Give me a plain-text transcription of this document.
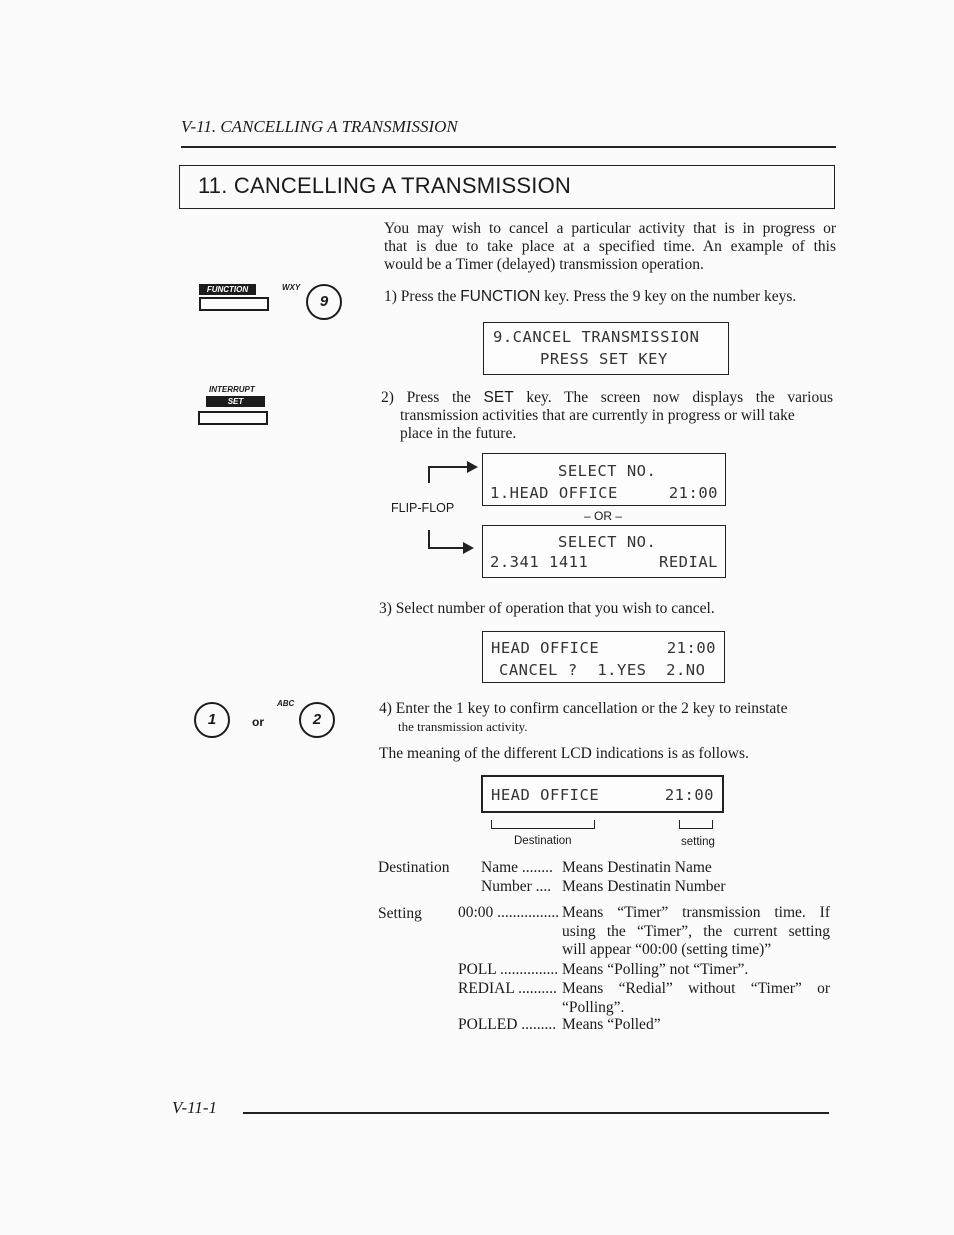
V-11. CANCELLING A TRANSMISSION
11. CANCELLING A TRANSMISSION
You may wish to cancel a particular activity that is in progress or
that is due to take place at a specified time. An example of this
would be a Timer (delayed) transmission operation.
FUNCTION	WXY
9	1) Press the FUNCTION key. Press the 9 key on the number keys.
9.CANCEL TRANSMISSION
PRESS SET KEY
INTERRUPT
SET	2) Press the SET key. The screen now displays the various
transmission activities that are currently in progress or will take
place in the future.
FLIP-FLOP
SELECT NO.
1.HEAD OFFICE	21:00
– OR –
SELECT NO.
2.341 1411	REDIAL
3) Select number of operation that you wish to cancel.
HEAD OFFICE	21:00
CANCEL ?  1.YES  2.NO
1	or
ABC
2
4) Enter the 1 key to confirm cancellation or the 2 key to reinstate
the transmission activity.
The meaning of the different LCD indications is as follows.
HEAD OFFICE	21:00
Destination	setting
Destination Name ........ Means Destinatin Name
Number .... Means Destinatin Number
Setting 00:00 ................ Means “Timer” transmission time. If
using the “Timer”, the current setting
will appear “00:00 (setting time)”
POLL ............... Means “Polling” not “Timer”.
REDIAL .......... Means “Redial” without “Timer” or
“Polling”.
POLLED ......... Means “Polled”
V-11-1
